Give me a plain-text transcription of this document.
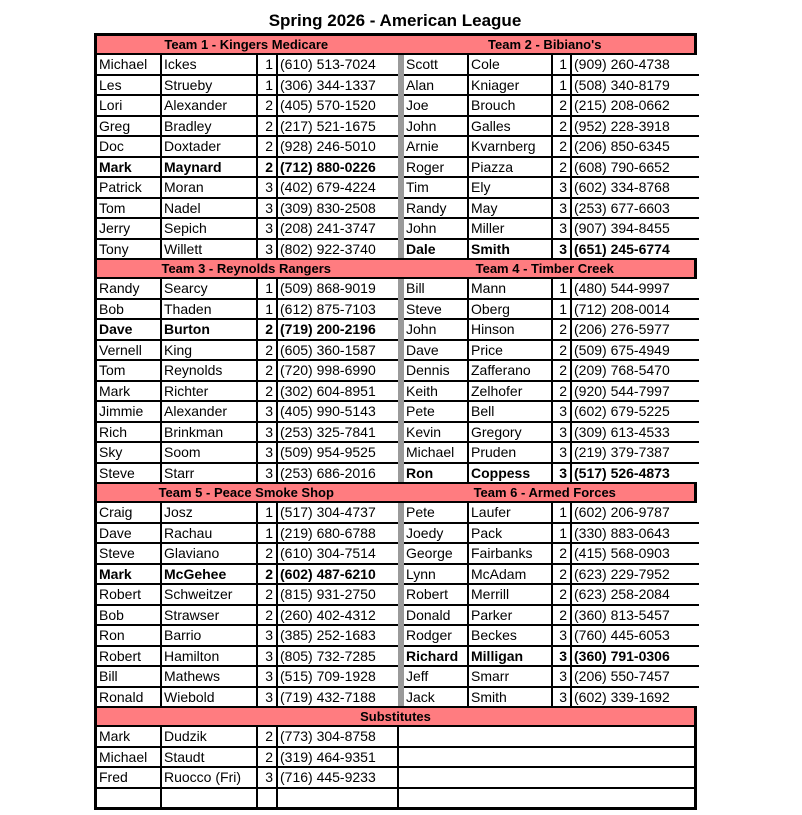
Spring 2026 - American League
Team 1 - Kingers Medicare	Team 2 - Bibiano's
Michael	Ickes	1 (610) 513-7024
Les	Strueby	1 (306) 344-1337
Lori	Alexander	2 (405) 570-1520
Greg	Bradley	2 (217) 521-1675
Doc	Doxtader	2 (928) 246-5010
Mark	Maynard	2 (712) 880-0226
Patrick	Moran	3 (402) 679-4224
Tom	Nadel	3 (309) 830-2508
Jerry	Sepich	3 (208) 241-3747
Tony	Willett	3 (802) 922-3740
Scott	Cole	1 (909) 260-4738
Alan	Kniager	1 (508) 340-8179
Joe	Brouch	2 (215) 208-0662
John	Galles	2 (952) 228-3918
Arnie	Kvarnberg	2 (206) 850-6345
Roger	Piazza	2 (608) 790-6652
Tim	Ely	3 (602) 334-8768
Randy	May	3 (253) 677-6603
John	Miller	3 (907) 394-8455
Dale	Smith	3 (651) 245-6774
Team 3 - Reynolds Rangers	Team 4 - Timber Creek
Randy	Searcy	1 (509) 868-9019
Bob	Thaden	1 (612) 875-7103
Dave	Burton	2 (719) 200-2196
Vernell	King	2 (605) 360-1587
Tom	Reynolds	2 (720) 998-6990
Mark	Richter	2 (302) 604-8951
Jimmie	Alexander	3 (405) 990-5143
Rich	Brinkman	3 (253) 325-7841
Sky	Soom	3 (509) 954-9525
Steve	Starr	3 (253) 686-2016
Bill	Mann	1 (480) 544-9997
Steve	Oberg	1 (712) 208-0014
John	Hinson	2 (206) 276-5977
Dave	Price	2 (509) 675-4949
Dennis	Zafferano	2 (209) 768-5470
Keith	Zelhofer	2 (920) 544-7997
Pete	Bell	3 (602) 679-5225
Kevin	Gregory	3 (309) 613-4533
Michael	Pruden	3 (219) 379-7387
Ron	Coppess	3 (517) 526-4873
Team 5 - Peace Smoke Shop	Team 6 - Armed Forces
Craig	Josz	1 (517) 304-4737
Dave	Rachau	1 (219) 680-6788
Steve	Glaviano	2 (610) 304-7514
Mark	McGehee	2 (602) 487-6210
Robert	Schweitzer	2 (815) 931-2750
Bob	Strawser	2 (260) 402-4312
Ron	Barrio	3 (385) 252-1683
Robert	Hamilton	3 (805) 732-7285
Bill	Mathews	3 (515) 709-1928
Ronald	Wiebold	3 (719) 432-7188
Pete	Laufer	1 (602) 206-9787
Joedy	Pack	1 (330) 883-0643
George	Fairbanks	2 (415) 568-0903
Lynn	McAdam	2 (623) 229-7952
Robert	Merrill	2 (623) 258-2084
Donald	Parker	2 (360) 813-5457
Rodger	Beckes	3 (760) 445-6053
Richard Milligan	3 (360) 791-0306
Jeff	Smarr	3 (206) 550-7457
Jack	Smith	3 (602) 339-1692
Substitutes
Mark	Dudzik	2 (773) 304-8758
Michael	Staudt	2 (319) 464-9351
Fred	Ruocco (Fri)	3 (716) 445-9233
